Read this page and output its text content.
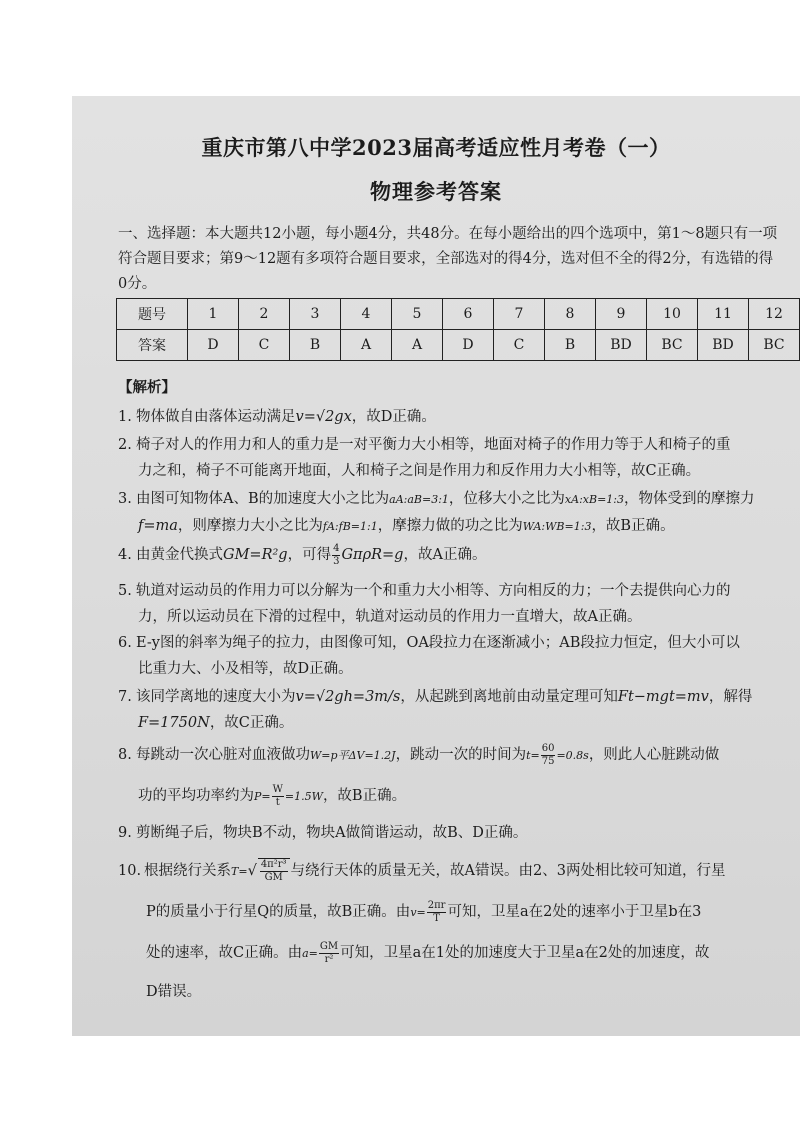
重庆市第八中学2023届高考适应性月考卷（一）
物理参考答案
一、选择题：本大题共12小题，每小题4分，共48分。在每小题给出的四个选项中，第1～8题只有一项符合题目要求；第9～12题有多项符合题目要求，全部选对的得4分，选对但不全的得2分，有选错的得0分。
题号	1	2	3	4	5	6	7	8	9	10	11	12
答案	D	C	B	A	A	D	C	B	BD	BC	BD	BC
【解析】
1. 物体做自由落体运动满足v=√2gx，故D正确。
2. 椅子对人的作用力和人的重力是一对平衡力大小相等，地面对椅子的作用力等于人和椅子的重
力之和，椅子不可能离开地面，人和椅子之间是作用力和反作用力大小相等，故C正确。
3. 由图可知物体A、B的加速度大小之比为aA:aB=3:1，位移大小之比为xA:xB=1:3，物体受到的摩擦力
f=ma，则摩擦力大小之比为fA:fB=1:1，摩擦力做的功之比为WA:WB=1:3，故B正确。
4. 由黄金代换式GM=R²g，可得 $\frac{4}{3} G\pi\rho R=g$，故A正确。
5. 轨道对运动员的作用力可以分解为一个和重力大小相等、方向相反的力；一个去提供向心力的
力，所以运动员在下滑的过程中，轨道对运动员的作用力一直增大，故A正确。
6. E-y图的斜率为绳子的拉力，由图像可知，OA段拉力在逐渐减小；AB段拉力恒定，但大小可以
比重力大、小及相等，故D正确。
7. 该同学离地的速度大小为v=√2gh=3m/s，从起跳到离地前由动量定理可知Ft−mgt=mv，解得
F=1750N，故C正确。
8. 每跳动一次心脏对血液做功W=p平ΔV=1.2J，跳动一次的时间为$t= \frac{60}{75} =0.8s$，则此人心脏跳动做
功的平均功率约为$P= \frac{W}{t} =1.5W$，故B正确。
9. 剪断绳子后，物块B不动，物块A做简谐运动，故B、D正确。
10. 根据绕行关系$T=√ \frac{\text{4π²r³}}{GM}$ 与绕行天体的质量无关，故A错误。由2、3两处相比较可知道，行星
P的质量小于行星Q的质量，故B正确。由$v= \frac{2\pi r}{T}$ 可知，卫星a在2处的速率小于卫星b在3
处的速率，故C正确。由$a= \frac{GM}{\text{r²}}$ 可知，卫星a在1处的加速度大于卫星a在2处的加速度，故
D错误。
